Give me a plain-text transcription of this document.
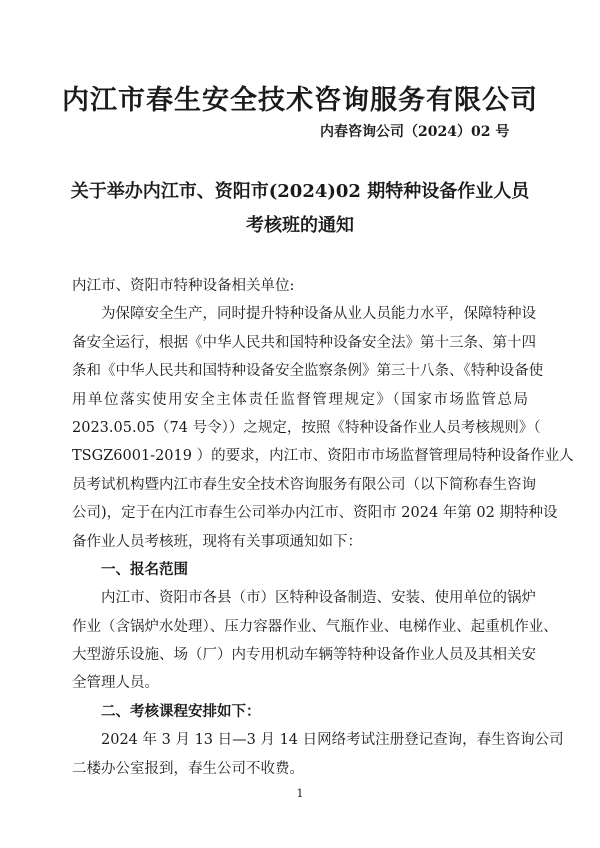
内江市春生安全技术咨询服务有限公司
内春咨询公司（2024）02 号
关于举办内江市、资阳市(2024)02 期特种设备作业人员
考核班的通知
内江市、资阳市特种设备相关单位:
为保障安全生产，同时提升特种设备从业人员能力水平，保障特种设
备安全运行，根据《中华人民共和国特种设备安全法》第十三条、第十四
条和《中华人民共和国特种设备安全监察条例》第三十八条、《特种设备使
用单位落实使用安全主体责任监督管理规定》（国家市场监管总局
2023.05.05（74 号令））之规定，按照《特种设备作业人员考核规则》（
TSGZ6001-2019 ）的要求，内江市、资阳市市场监督管理局特种设备作业人
员考试机构暨内江市春生安全技术咨询服务有限公司（以下简称春生咨询
公司)，定于在内江市春生公司举办内江市、资阳市 2024 年第 02 期特种设
备作业人员考核班，现将有关事项通知如下：
一、报名范围
内江市、资阳市各县（市）区特种设备制造、安装、使用单位的锅炉
作业（含锅炉水处理）、压力容器作业、气瓶作业、电梯作业、起重机作业、
大型游乐设施、场（厂）内专用机动车辆等特种设备作业人员及其相关安
全管理人员。
二、考核课程安排如下：
2024 年 3 月 13 日—3 月 14 日网络考试注册登记查询，春生咨询公司
二楼办公室报到，春生公司不收费。
1
